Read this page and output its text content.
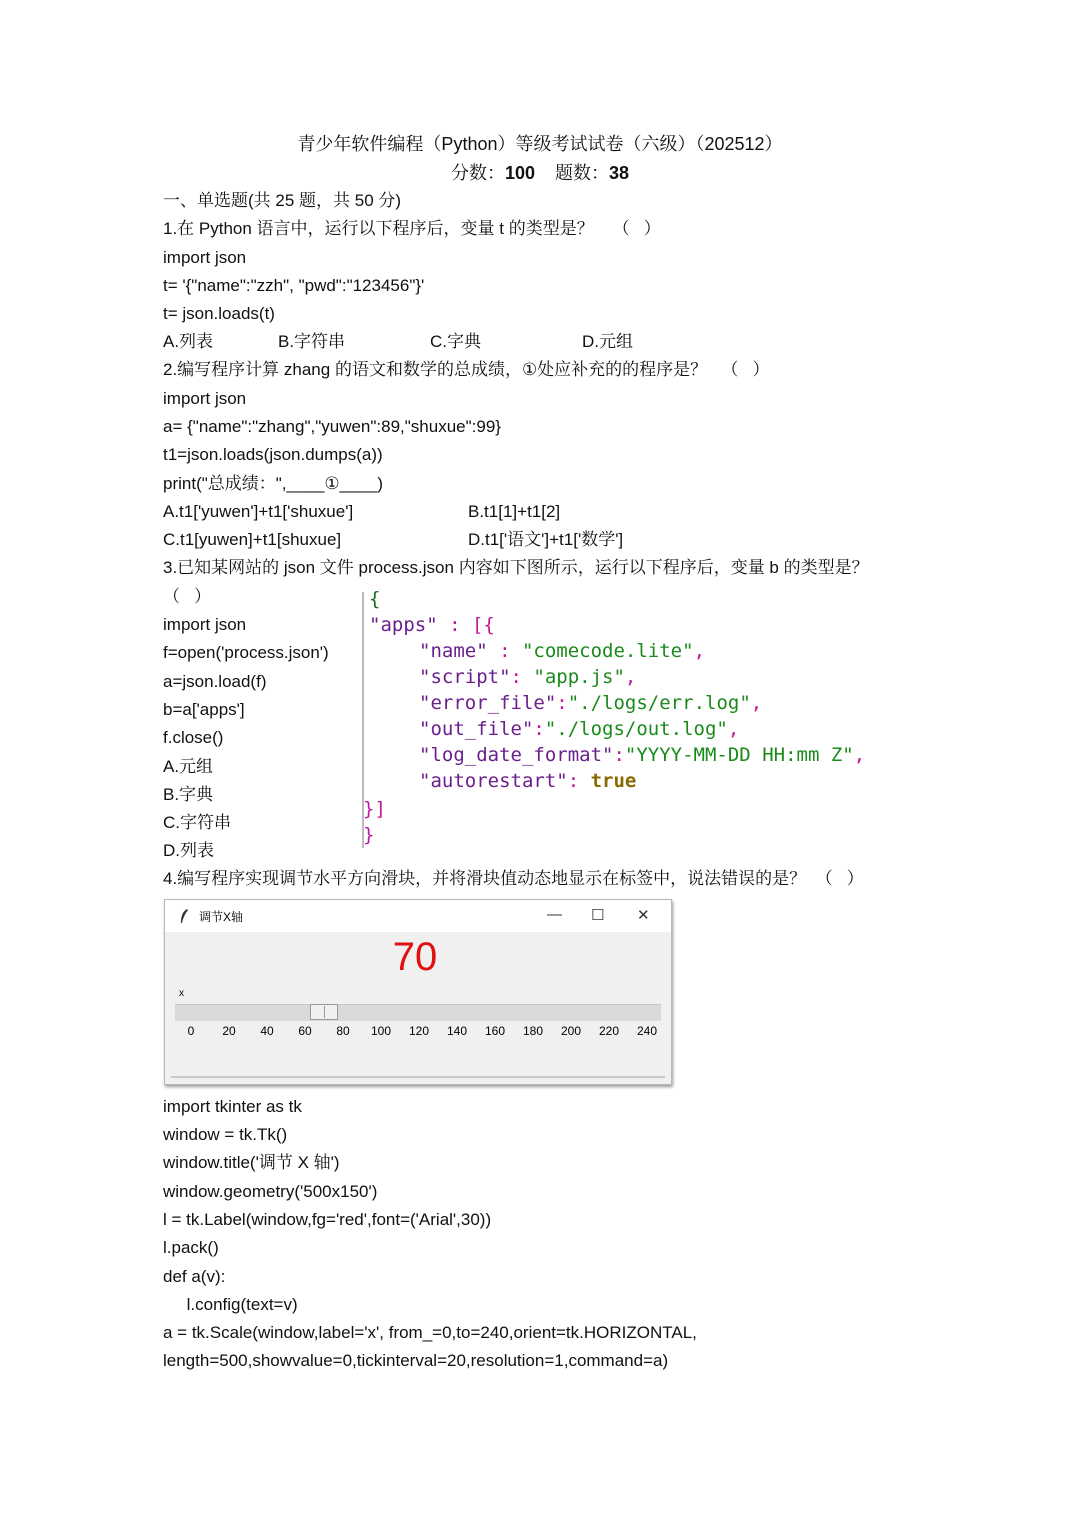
青少年软件编程（Python）等级考试试卷（六级）（202512）
分数：100 题数：38
一、单选题(共 25 题，共 50 分)
1.在 Python 语言中，运行以下程序后，变量 t 的类型是？    （   ）
import json
t= '{"name":"zzh", "pwd":"123456"}'
t= json.loads(t)
A.列表	B.字符串	C.字典	D.元组
2.编写程序计算 zhang 的语文和数学的总成绩，①处应补充的的程序是？   （   ）
import json
a= {"name":"zhang","yuwen":89,"shuxue":99}
t1=json.loads(json.dumps(a))
print("总成绩：",____①____)
A.t1['yuwen']+t1['shuxue']	B.t1[1]+t1[2]
C.t1[yuwen]+t1[shuxue]	D.t1['语文']+t1['数学']
3.已知某网站的 json 文件 process.json 内容如下图所示，运行以下程序后，变量 b 的类型是？
（   ）
import json
f=open('process.json')
a=json.load(f)
b=a['apps']
f.close()
A.元组
B.字典
C.字符串
D.列表
{
"apps" : [{
"name" : "comecode.lite",
"script": "app.js",
"error_file":"./logs/err.log",
"out_file":"./logs/out.log",
"log_date_format":"YYYY-MM-DD HH:mm Z",
"autorestart": true
}]
}
4.编写程序实现调节水平方向滑块，并将滑块值动态地显示在标签中，说法错误的是？  （   ）
调节X轴	— ☐ ✕
70
x
0	20	40	60	80	100	120	140	160	180	200	220	240
import tkinter as tk
window = tk.Tk()
window.title('调节 X 轴')
window.geometry('500x150')
l = tk.Label(window,fg='red',font=('Arial',30))
l.pack()
def a(v):
l.config(text=v)
a = tk.Scale(window,label='x', from_=0,to=240,orient=tk.HORIZONTAL,
length=500,showvalue=0,tickinterval=20,resolution=1,command=a)
